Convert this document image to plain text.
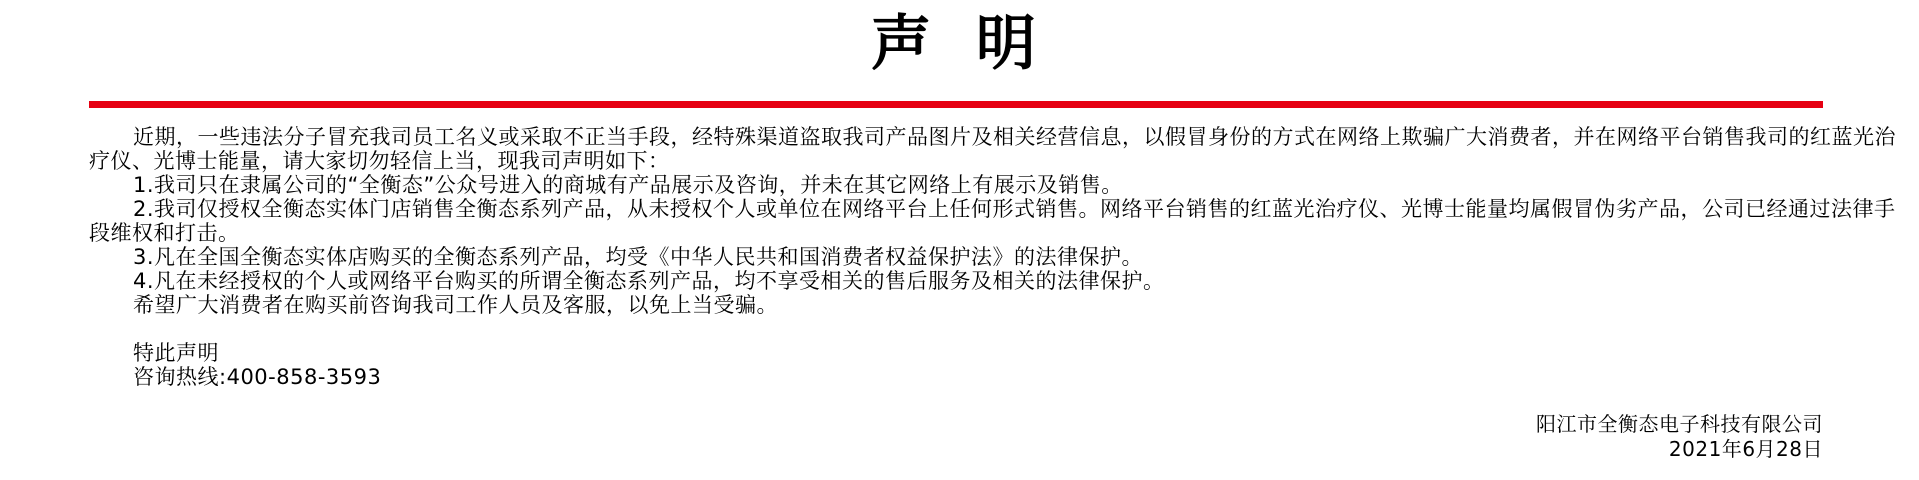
声 明
近期，一些违法分子冒充我司员工名义或采取不正当手段，经特殊渠道盗取我司产品图片及相关经营信息，以假冒身份的方式在网络上欺骗广大消费者，并在网络平台销售我司的红蓝光治
疗仪、光博士能量，请大家切勿轻信上当，现我司声明如下：
1.我司只在隶属公司的“全衡态”公众号进入的商城有产品展示及咨询，并未在其它网络上有展示及销售。
2.我司仅授权全衡态实体门店销售全衡态系列产品，从未授权个人或单位在网络平台上任何形式销售。网络平台销售的红蓝光治疗仪、光博士能量均属假冒伪劣产品，公司已经通过法律手
段维权和打击。
3.凡在全国全衡态实体店购买的全衡态系列产品，均受《中华人民共和国消费者权益保护法》的法律保护。
4.凡在未经授权的个人或网络平台购买的所谓全衡态系列产品，均不享受相关的售后服务及相关的法律保护。
希望广大消费者在购买前咨询我司工作人员及客服，以免上当受骗。
特此声明
咨询热线:400-858-3593
阳江市全衡态电子科技有限公司
2021年6月28日
